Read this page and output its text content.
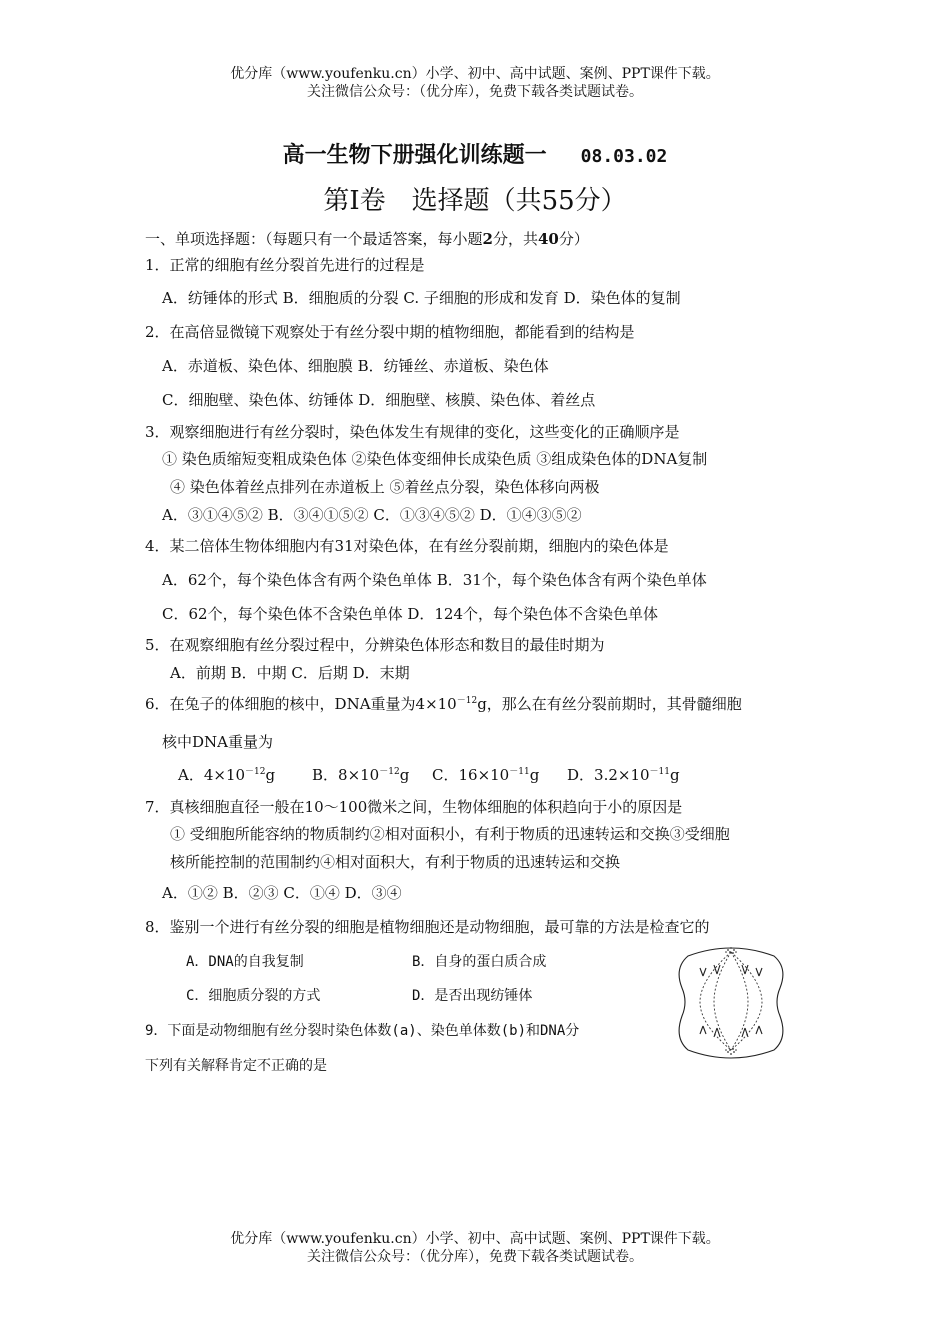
优分库（www.youfenku.cn）小学、初中、高中试题、案例、PPT课件下载。
关注微信公众号：（优分库），免费下载各类试题试卷。
高一生物下册强化训练题一 08.03.02
第Ⅰ卷　选择题（共55分）
一、单项选择题：（每题只有一个最适答案，每小题2分，共40分）
1．正常的细胞有丝分裂首先进行的过程是
A．纺锤体的形式 B．细胞质的分裂 C. 子细胞的形成和发育 D．染色体的复制
2．在高倍显微镜下观察处于有丝分裂中期的植物细胞，都能看到的结构是
A．赤道板、染色体、细胞膜 B．纺锤丝、赤道板、染色体
C．细胞壁、染色体、纺锤体 D．细胞壁、核膜、染色体、着丝点
3．观察细胞进行有丝分裂时，染色体发生有规律的变化，这些变化的正确顺序是
① 染色质缩短变粗成染色体 ②染色体变细伸长成染色质 ③组成染色体的DNA复制
④ 染色体着丝点排列在赤道板上 ⑤着丝点分裂，染色体移向两极
A．③①④⑤② B．③④①⑤② C．①③④⑤② D．①④③⑤②
4．某二倍体生物体细胞内有31对染色体，在有丝分裂前期，细胞内的染色体是
A．62个，每个染色体含有两个染色单体 B．31个，每个染色体含有两个染色单体
C．62个，每个染色体不含染色单体 D．124个，每个染色体不含染色单体
5．在观察细胞有丝分裂过程中，分辨染色体形态和数目的最佳时期为
A．前期 B．中期 C．后期 D．末期
6．在兔子的体细胞的核中，DNA重量为$4\times 10^{-12}g$，那么在有丝分裂前期时，其骨髓细胞
核中DNA重量为
A．$4\times 10^{-12}g$ B．$8\times 10^{-12}g$ C．$16\times 10^{-11}g$ D．$3.2\times 10^{-11}g$
7．真核细胞直径一般在10～100微米之间，生物体细胞的体积趋向于小的原因是
① 受细胞所能容纳的物质制约②相对面积小，有利于物质的迅速转运和交换③受细胞
核所能控制的范围制约④相对面积大，有利于物质的迅速转运和交换
A．①② B．②③ C．①④ D．③④
8．鉴别一个进行有丝分裂的细胞是植物细胞还是动物细胞，最可靠的方法是检查它的
A．DNA的自我复制	B．自身的蛋白质合成
C．细胞质分裂的方式	D．是否出现纺锤体
9．下面是动物细胞有丝分裂时染色体数(a)、染色单体数(b)和DNA分
下列有关解释肯定不正确的是
优分库（www.youfenku.cn）小学、初中、高中试题、案例、PPT课件下载。
关注微信公众号：（优分库），免费下载各类试题试卷。
